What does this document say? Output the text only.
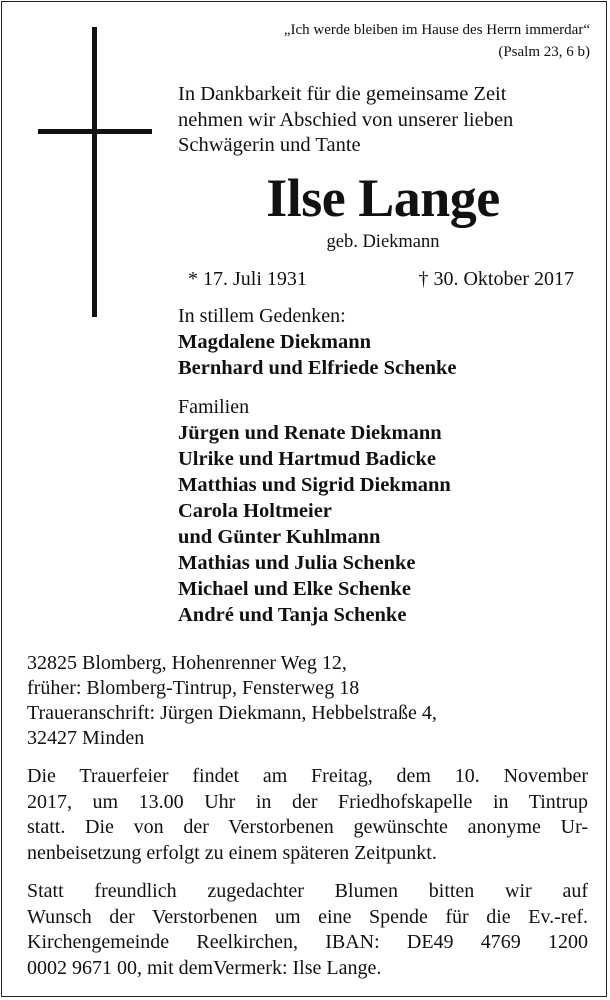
„Ich werde bleiben im Hause des Herrn immerdar“
(Psalm 23, 6 b)
In Dankbarkeit für die gemeinsame Zeit
nehmen wir Abschied von unserer lieben
Schwägerin und Tante
Ilse Lange
geb. Diekmann
* 17. Juli 1931	† 30. Oktober 2017
In stillem Gedenken:
Magdalene Diekmann
Bernhard und Elfriede Schenke
Familien
Jürgen und Renate Diekmann
Ulrike und Hartmud Badicke
Matthias und Sigrid Diekmann
Carola Holtmeier
und Günter Kuhlmann
Mathias und Julia Schenke
Michael und Elke Schenke
André und Tanja Schenke
32825 Blomberg, Hohenrenner Weg 12,
früher: Blomberg-Tintrup, Fensterweg 18
Traueranschrift: Jürgen Diekmann, Hebbelstraße 4,
32427 Minden
Die Trauerfeier findet am Freitag, dem 10. November
2017, um 13.00 Uhr in der Friedhofskapelle in Tintrup
statt. Die von der Verstorbenen gewünschte anonyme Ur-
nenbeisetzung erfolgt zu einem späteren Zeitpunkt.
Statt freundlich zugedachter Blumen bitten wir auf
Wunsch der Verstorbenen um eine Spende für die Ev.-ref.
Kirchengemeinde Reelkirchen, IBAN: DE49 4769 1200
0002 9671 00, mit demVermerk: Ilse Lange.
